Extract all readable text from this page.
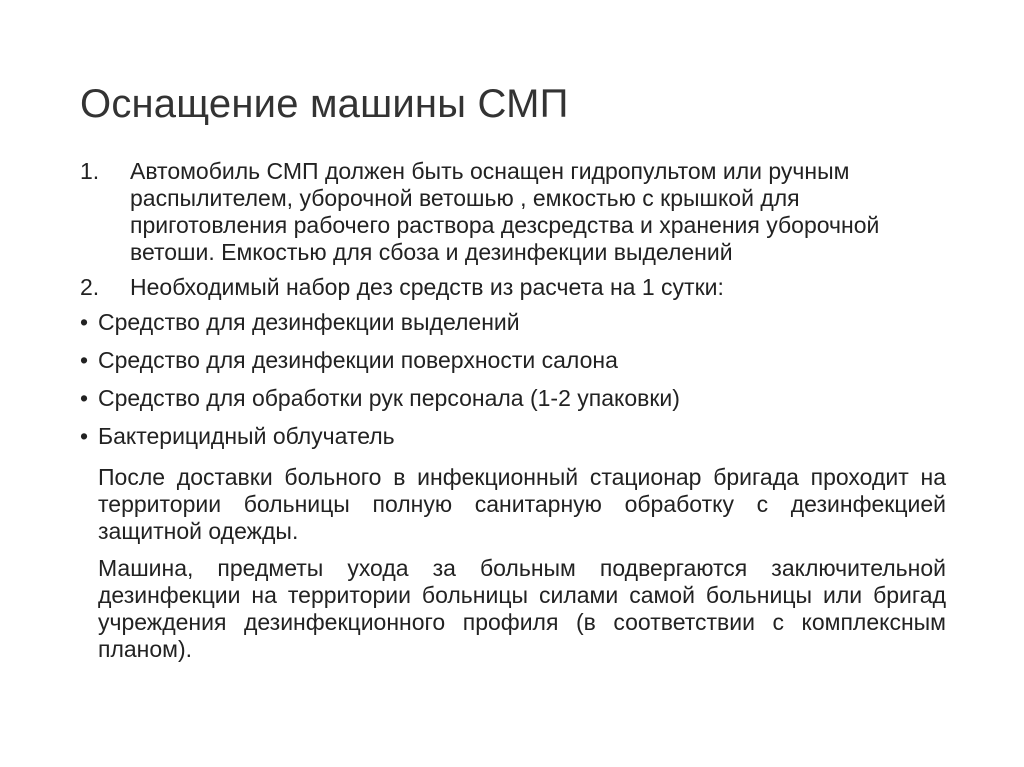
Оснащение машины СМП
1.	Автомобиль СМП должен быть оснащен гидропультом или ручным распылителем, уборочной ветошью , емкостью с крышкой для приготовления рабочего раствора дезсредства и хранения уборочной ветоши. Емкостью для сбоза и дезинфекции выделений
2.	Необходимый набор дез средств из расчета на 1 сутки:
• Средство для дезинфекции выделений
• Средство для дезинфекции поверхности салона
• Средство для обработки рук персонала (1-2 упаковки)
• Бактерицидный облучатель

После доставки больного в инфекционный стационар бригада проходит на территории больницы полную санитарную обработку с дезинфекцией защитной одежды.

Машина, предметы ухода за больным подвергаются заключительной дезинфекции на территории больницы силами самой больницы или бригад учреждения дезинфекционного профиля (в соответствии с комплексным планом).
